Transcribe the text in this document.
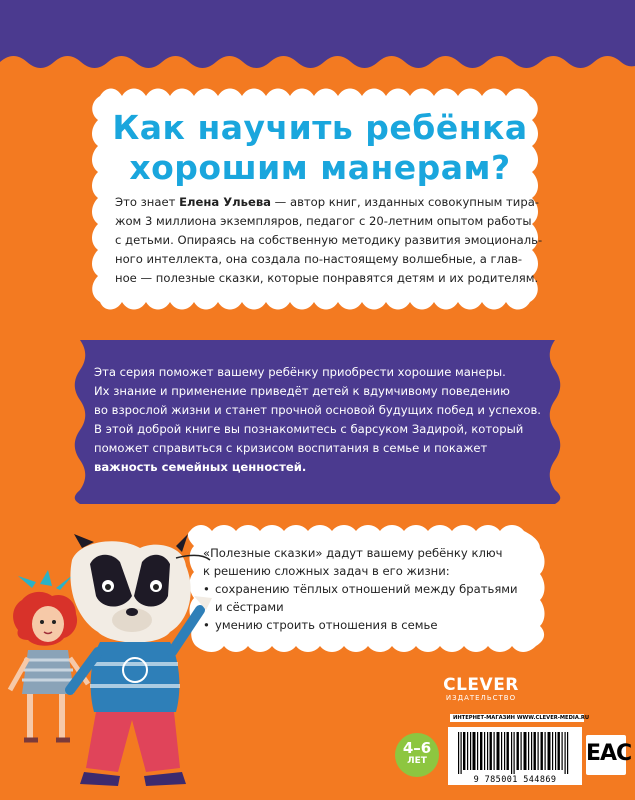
Как научить ребёнка
хорошим манерам?
Это знает Елена Ульева — автор книг, изданных совокупным тира-
жом 3 миллиона экземпляров, педагог с 20-летним опытом работы
с детьми. Опираясь на собственную методику развития эмоциональ-
ного интеллекта, она создала по-настоящему волшебные, а глав-
ное — полезные сказки, которые понравятся детям и их родителям.
Эта серия поможет вашему ребёнку приобрести хорошие манеры.
Их знание и применение приведёт детей к вдумчивому поведению
во взрослой жизни и станет прочной основой будущих побед и успехов.
В этой доброй книге вы познакомитесь с барсуком Задирой, который
поможет справиться с кризисом воспитания в семье и покажет
важность семейных ценностей.
«Полезные сказки» дадут вашему ребёнку ключ
к решению сложных задач в его жизни:
• сохранению тёплых отношений между братьями
и сёстрами
• умению строить отношения в семье
CLEVER
ИЗДАТЕЛЬСТВО
4–6
ЛЕТ
ИНТЕРНЕТ-МАГАЗИН WWW.CLEVER-MEDIA.RU
9 785001 544869
EAC
